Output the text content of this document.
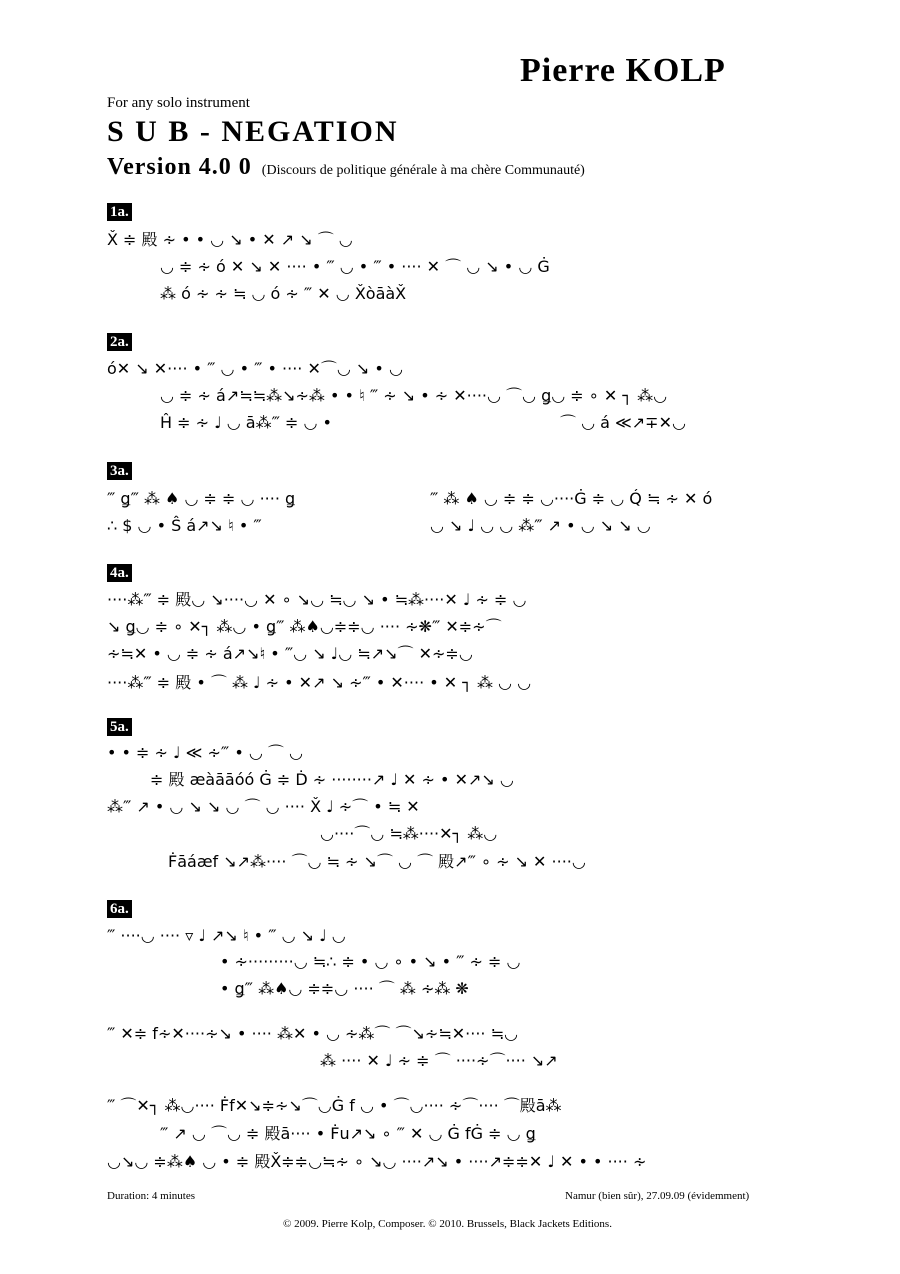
Pierre KOLP
For any solo instrument
S U B - NEGATION
Version 4.0 0 (Discours de politique générale à ma chère Communauté)
1a.
X̌ ≑ 殿 ∻ • • ◡ ↘ • ✕ ↗ ↘ ⌒ ◡
◡ ≑ ∻ ó ✕ ↘ ✕ ···· • ‴ ◡ • ‴ • ···· ✕ ⌒ ◡ ↘ • ◡ Ġ
⁂ ó ∻ ∻ ≒ ◡ ó ∻ ‴ ✕ ◡ X̌òāàX̌
2a.
ó✕ ↘ ✕···· • ‴ ◡ • ‴ • ···· ✕⌒◡ ↘ • ◡
◡ ≑ ∻ á↗≒≒⁂↘∻⁂ • • ♮ ‴ ∻ ↘ • ∻ ✕····◡ ⌒◡ ǥ◡ ≑ ∘ ✕ ┐ ⁂◡
Ĥ ≑ ∻ ♩ ◡ ā⁂‴ ≑ ◡ •	⌒ ◡ á ≪↗∓✕◡
3a.
‴ ǥ‴ ⁂ ♠ ◡ ≑ ≑ ◡ ···· ǥ	‴ ⁂ ♠ ◡ ≑ ≑ ◡····Ġ ≑ ◡ Q́ ≒ ∻ ✕ ó
∴ $ ◡ • Ŝ á↗↘ ♮ • ‴	◡ ↘ ♩ ◡ ◡ ⁂‴ ↗ • ◡ ↘ ↘ ◡
4a.
····⁂‴ ≑ 殿◡ ↘····◡ ✕ ∘ ↘◡ ≒◡ ↘ • ≒⁂····✕ ♩ ∻ ≑ ◡
↘ ǥ◡ ≑ ∘ ✕┐ ⁂◡ • ǥ‴ ⁂♠◡≑≑◡ ···· ∻❋‴ ✕≑∻⌒
∻≒✕ • ◡ ≑ ∻ á↗↘♮ • ‴◡ ↘ ♩◡ ≒↗↘⌒ ✕∻≑◡
····⁂‴ ≑ 殿 • ⌒ ⁂ ♩ ∻ • ✕↗ ↘ ∻‴ • ✕···· • ✕ ┐ ⁂ ◡ ◡
5a.
• • ≑ ∻ ♩ ≪ ∻‴ • ◡ ⌒ ◡
≑ 殿 æàāāóó Ġ ≑ Ḋ ∻ ········↗ ♩ ✕ ∻ • ✕↗↘ ◡
⁂‴ ↗ • ◡ ↘ ↘ ◡ ⌒ ◡ ···· X̌ ♩ ∻⌒ • ≒ ✕
◡····⌒◡ ≒⁂····✕┐ ⁂◡
Ḟāáæf ↘↗⁂···· ⌒◡ ≒ ∻ ↘⌒ ◡ ⌒ 殿↗‴ ∘ ∻ ↘ ✕ ····◡
6a.
‴ ····◡ ···· ▿ ♩ ↗↘ ♮ • ‴ ◡ ↘ ♩ ◡
• ∻·········◡ ≒∴ ≑ • ◡ ∘ • ↘ • ‴ ∻ ≑ ◡
• ǥ‴ ⁂♠◡ ≑≑◡ ···· ⌒ ⁂ ∻⁂ ❋
‴ ✕≑ f∻✕····∻↘ • ···· ⁂✕ • ◡ ∻⁂⌒ ⌒↘∻≒✕···· ≒◡
⁂ ···· ✕ ♩ ∻ ≑ ⌒ ····∻⌒···· ↘↗
‴ ⌒✕┐ ⁂◡···· Ḟf✕↘≑∻↘⌒◡Ġ f ◡ • ⌒◡···· ∻⌒···· ⌒殿ā⁂
‴ ↗ ◡ ⌒◡ ≑ 殿ā···· • Ḟu↗↘ ∘ ‴ ✕ ◡ Ġ fĠ ≑ ◡ ǥ
◡↘◡ ≑⁂♠ ◡ • ≑ 殿X̌≑≑◡≒∻ ∘ ↘◡ ····↗↘ • ····↗≑≑✕ ♩ ✕ • • ···· ∻
Duration: 4 minutes	Namur (bien sûr), 27.09.09 (évidemment)
© 2009. Pierre Kolp, Composer. © 2010. Brussels, Black Jackets Editions.
